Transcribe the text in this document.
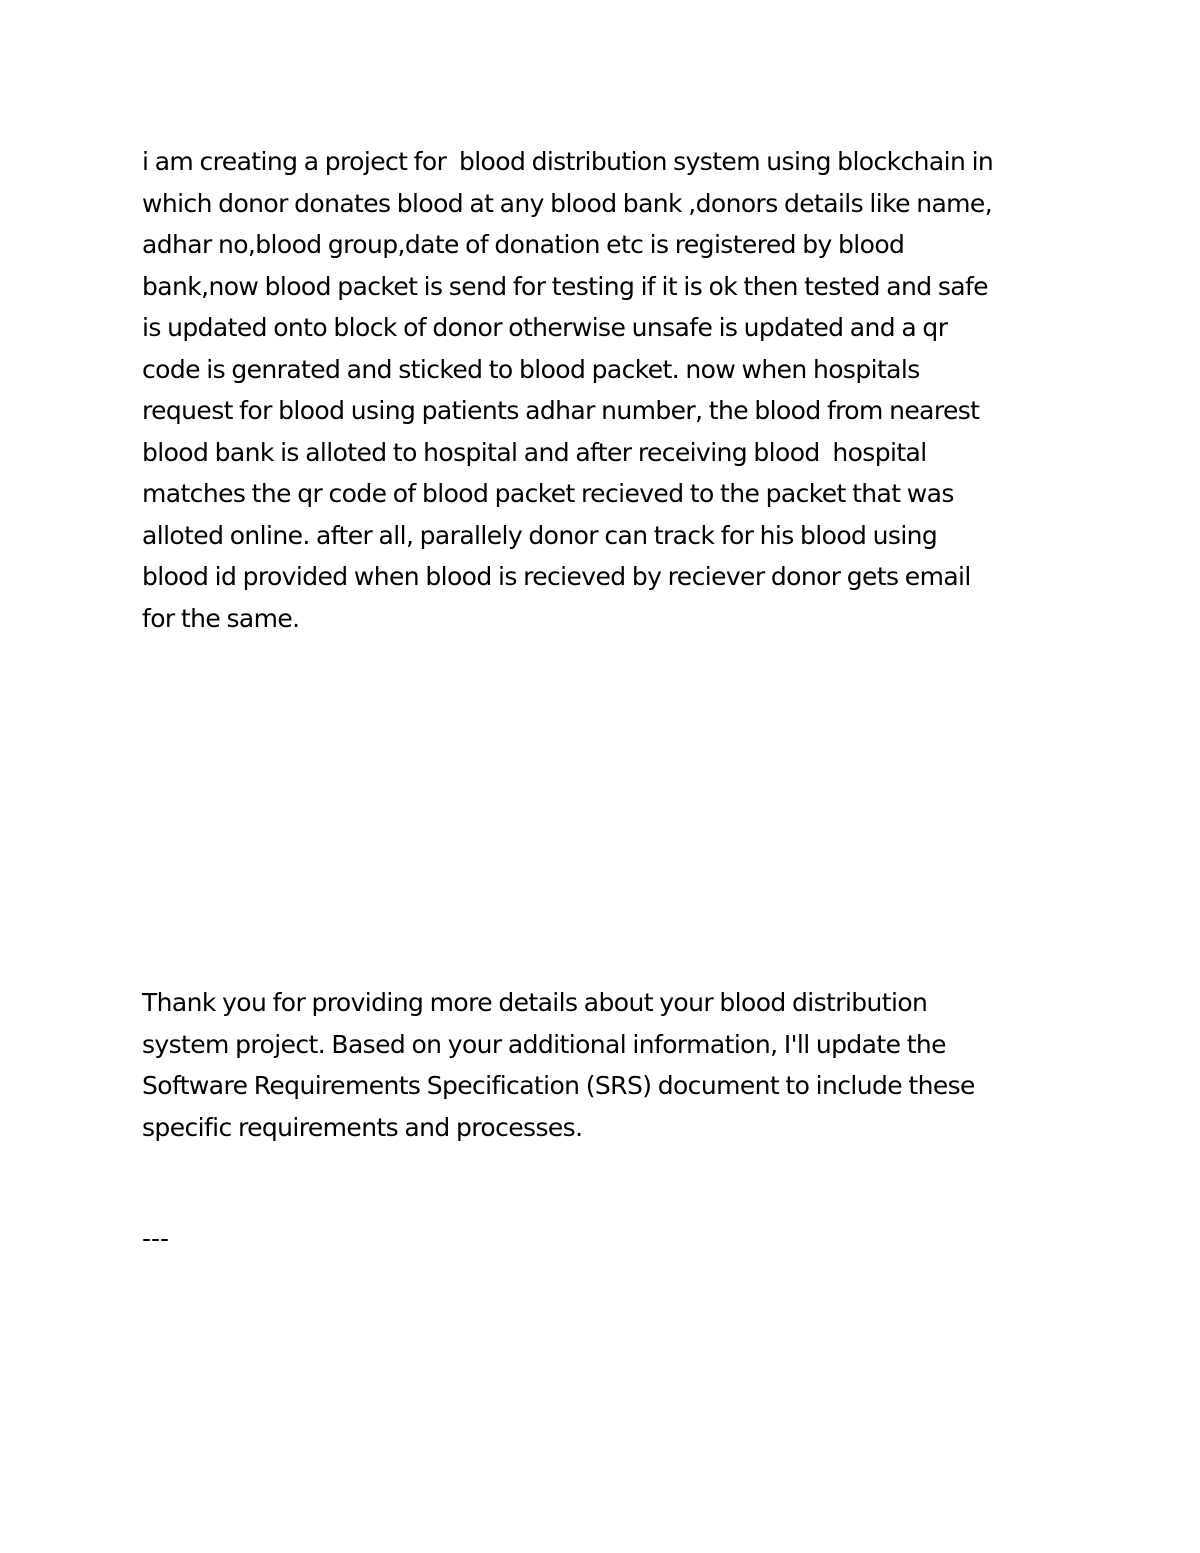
i am creating a project for  blood distribution system using blockchain in
which donor donates blood at any blood bank ,donors details like name,
adhar no,blood group,date of donation etc is registered by blood
bank,now blood packet is send for testing if it is ok then tested and safe
is updated onto block of donor otherwise unsafe is updated and a qr
code is genrated and sticked to blood packet. now when hospitals
request for blood using patients adhar number, the blood from nearest
blood bank is alloted to hospital and after receiving blood  hospital
matches the qr code of blood packet recieved to the packet that was
alloted online. after all, parallely donor can track for his blood using
blood id provided when blood is recieved by reciever donor gets email
for the same.

Thank you for providing more details about your blood distribution
system project. Based on your additional information, I'll update the
Software Requirements Specification (SRS) document to include these
specific requirements and processes.

---
